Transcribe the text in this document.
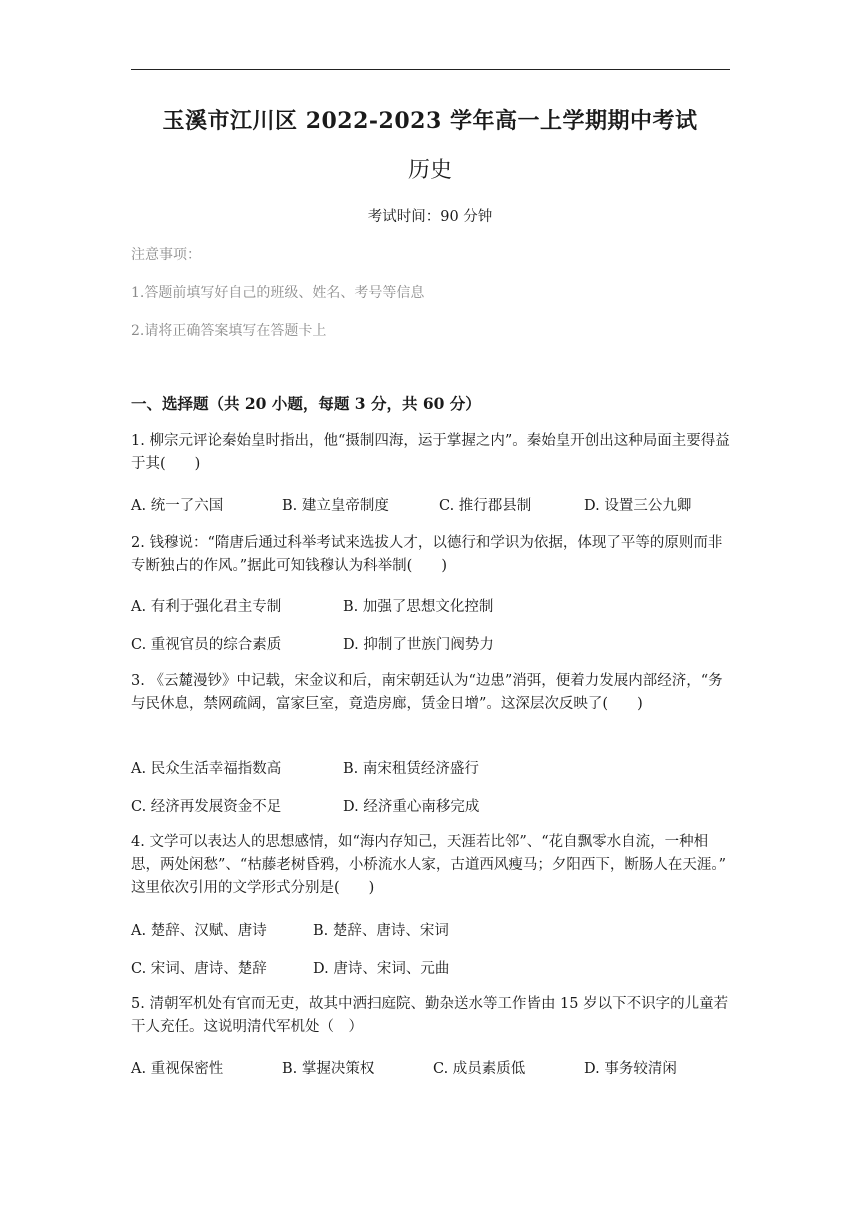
玉溪市江川区 2022-2023 学年高一上学期期中考试
历史
考试时间：90 分钟
注意事项：
1.答题前填写好自己的班级、姓名、考号等信息
2.请将正确答案填写在答题卡上
一、选择题（共 20 小题，每题 3 分，共 60 分）
1. 柳宗元评论秦始皇时指出，他“摄制四海，运于掌握之内”。秦始皇开创出这种局面主要得益于其(　　)
A. 统一了六国	B. 建立皇帝制度	C. 推行郡县制	D. 设置三公九卿
2. 钱穆说：“隋唐后通过科举考试来选拔人才，以德行和学识为依据，体现了平等的原则而非专断独占的作风。”据此可知钱穆认为科举制(　　)
A. 有利于强化君主专制	B. 加强了思想文化控制
C. 重视官员的综合素质	D. 抑制了世族门阀势力
3. 《云麓漫钞》中记载，宋金议和后，南宋朝廷认为“边患”消弭，便着力发展内部经济，“务与民休息，禁网疏阔，富家巨室，竟造房廊，赁金日增”。这深层次反映了(　　)
A. 民众生活幸福指数高	B. 南宋租赁经济盛行
C. 经济再发展资金不足	D. 经济重心南移完成
4. 文学可以表达人的思想感情，如“海内存知己，天涯若比邻”、“花自飘零水自流，一种相思，两处闲愁”、“枯藤老树昏鸦，小桥流水人家，古道西风瘦马；夕阳西下，断肠人在天涯。” 这里依次引用的文学形式分别是(　　)
A. 楚辞、汉赋、唐诗	B. 楚辞、唐诗、宋词
C. 宋词、唐诗、楚辞	D. 唐诗、宋词、元曲
5. 清朝军机处有官而无吏，故其中洒扫庭院、勤杂送水等工作皆由 15 岁以下不识字的儿童若干人充任。这说明清代军机处（　）
A. 重视保密性	B. 掌握决策权	C. 成员素质低	D. 事务较清闲
